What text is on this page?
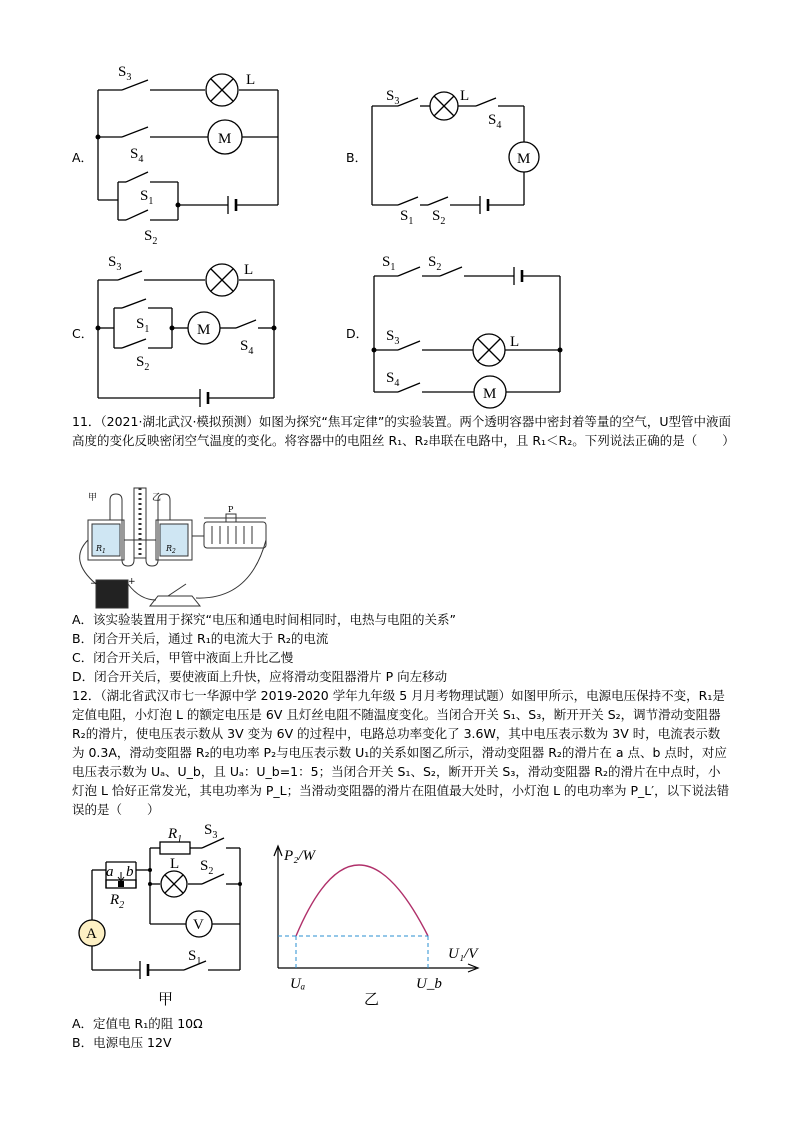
A．	B．
C．	D．
$S_3$	L
M
$S_4$
$S_1$
$S_2$
$S_3$	L
$S_4$
M
$S_1$ $S_2$
$S_3$	L
$S_1$	M
$S_4$
$S_2$
$S_1$ $S_2$
$S_3$	L
$S_4$
M
11．（2021·湖北武汉·模拟预测）如图为探究“焦耳定律”的实验装置。两个透明容器中密封着等量的空气，U型管中液面高度的变化反映密闭空气温度的变化。将容器中的电阻丝 R₁、R₂串联在电路中，且 R₁＜R₂。下列说法正确的是（　　）
甲	乙
$R_1$	$R_2$
P
−	+
A．该实验装置用于探究“电压和通电时间相同时，电热与电阻的关系”
B．闭合开关后，通过 R₁的电流大于 R₂的电流
C．闭合开关后，甲管中液面上升比乙慢
D．闭合开关后，要使液面上升快，应将滑动变阻器滑片 P 向左移动
12．（湖北省武汉市七一华源中学 2019-2020 学年九年级 5 月月考物理试题）如图甲所示，电源电压保持不变，R₁是定值电阻，小灯泡 L 的额定电压是 6V 且灯丝电阻不随温度变化。当闭合开关 S₁、S₃，断开开关 S₂，调节滑动变阻器 R₂的滑片，使电压表示数从 3V 变为 6V 的过程中，电路总功率变化了 3.6W，其中电压表示数为 3V 时，电流表示数为 0.3A，滑动变阻器 R₂的电功率 P₂与电压表示数 U₁的关系如图乙所示，滑动变阻器 R₂的滑片在 a 点、b 点时，对应电压表示数为 Uₐ、U_b，且 Uₐ：U_b=1：5；当闭合开关 S₁、S₂，断开开关 S₃，滑动变阻器 R₂的滑片在中点时，小灯泡 L 恰好正常发光，其电功率为 P_L；当滑动变阻器的滑片在阻值最大处时，小灯泡 L 的电功率为 P_L′，以下说法错误的是（　　）
$R_1$
$S_3$
L $S_2$
a b
$R_2$
V
A
$S_1$
甲
P₂/W
U₁/V
Uₐ	U_b
乙
A．定值电 R₁的阻 10Ω
B．电源电压 12V
